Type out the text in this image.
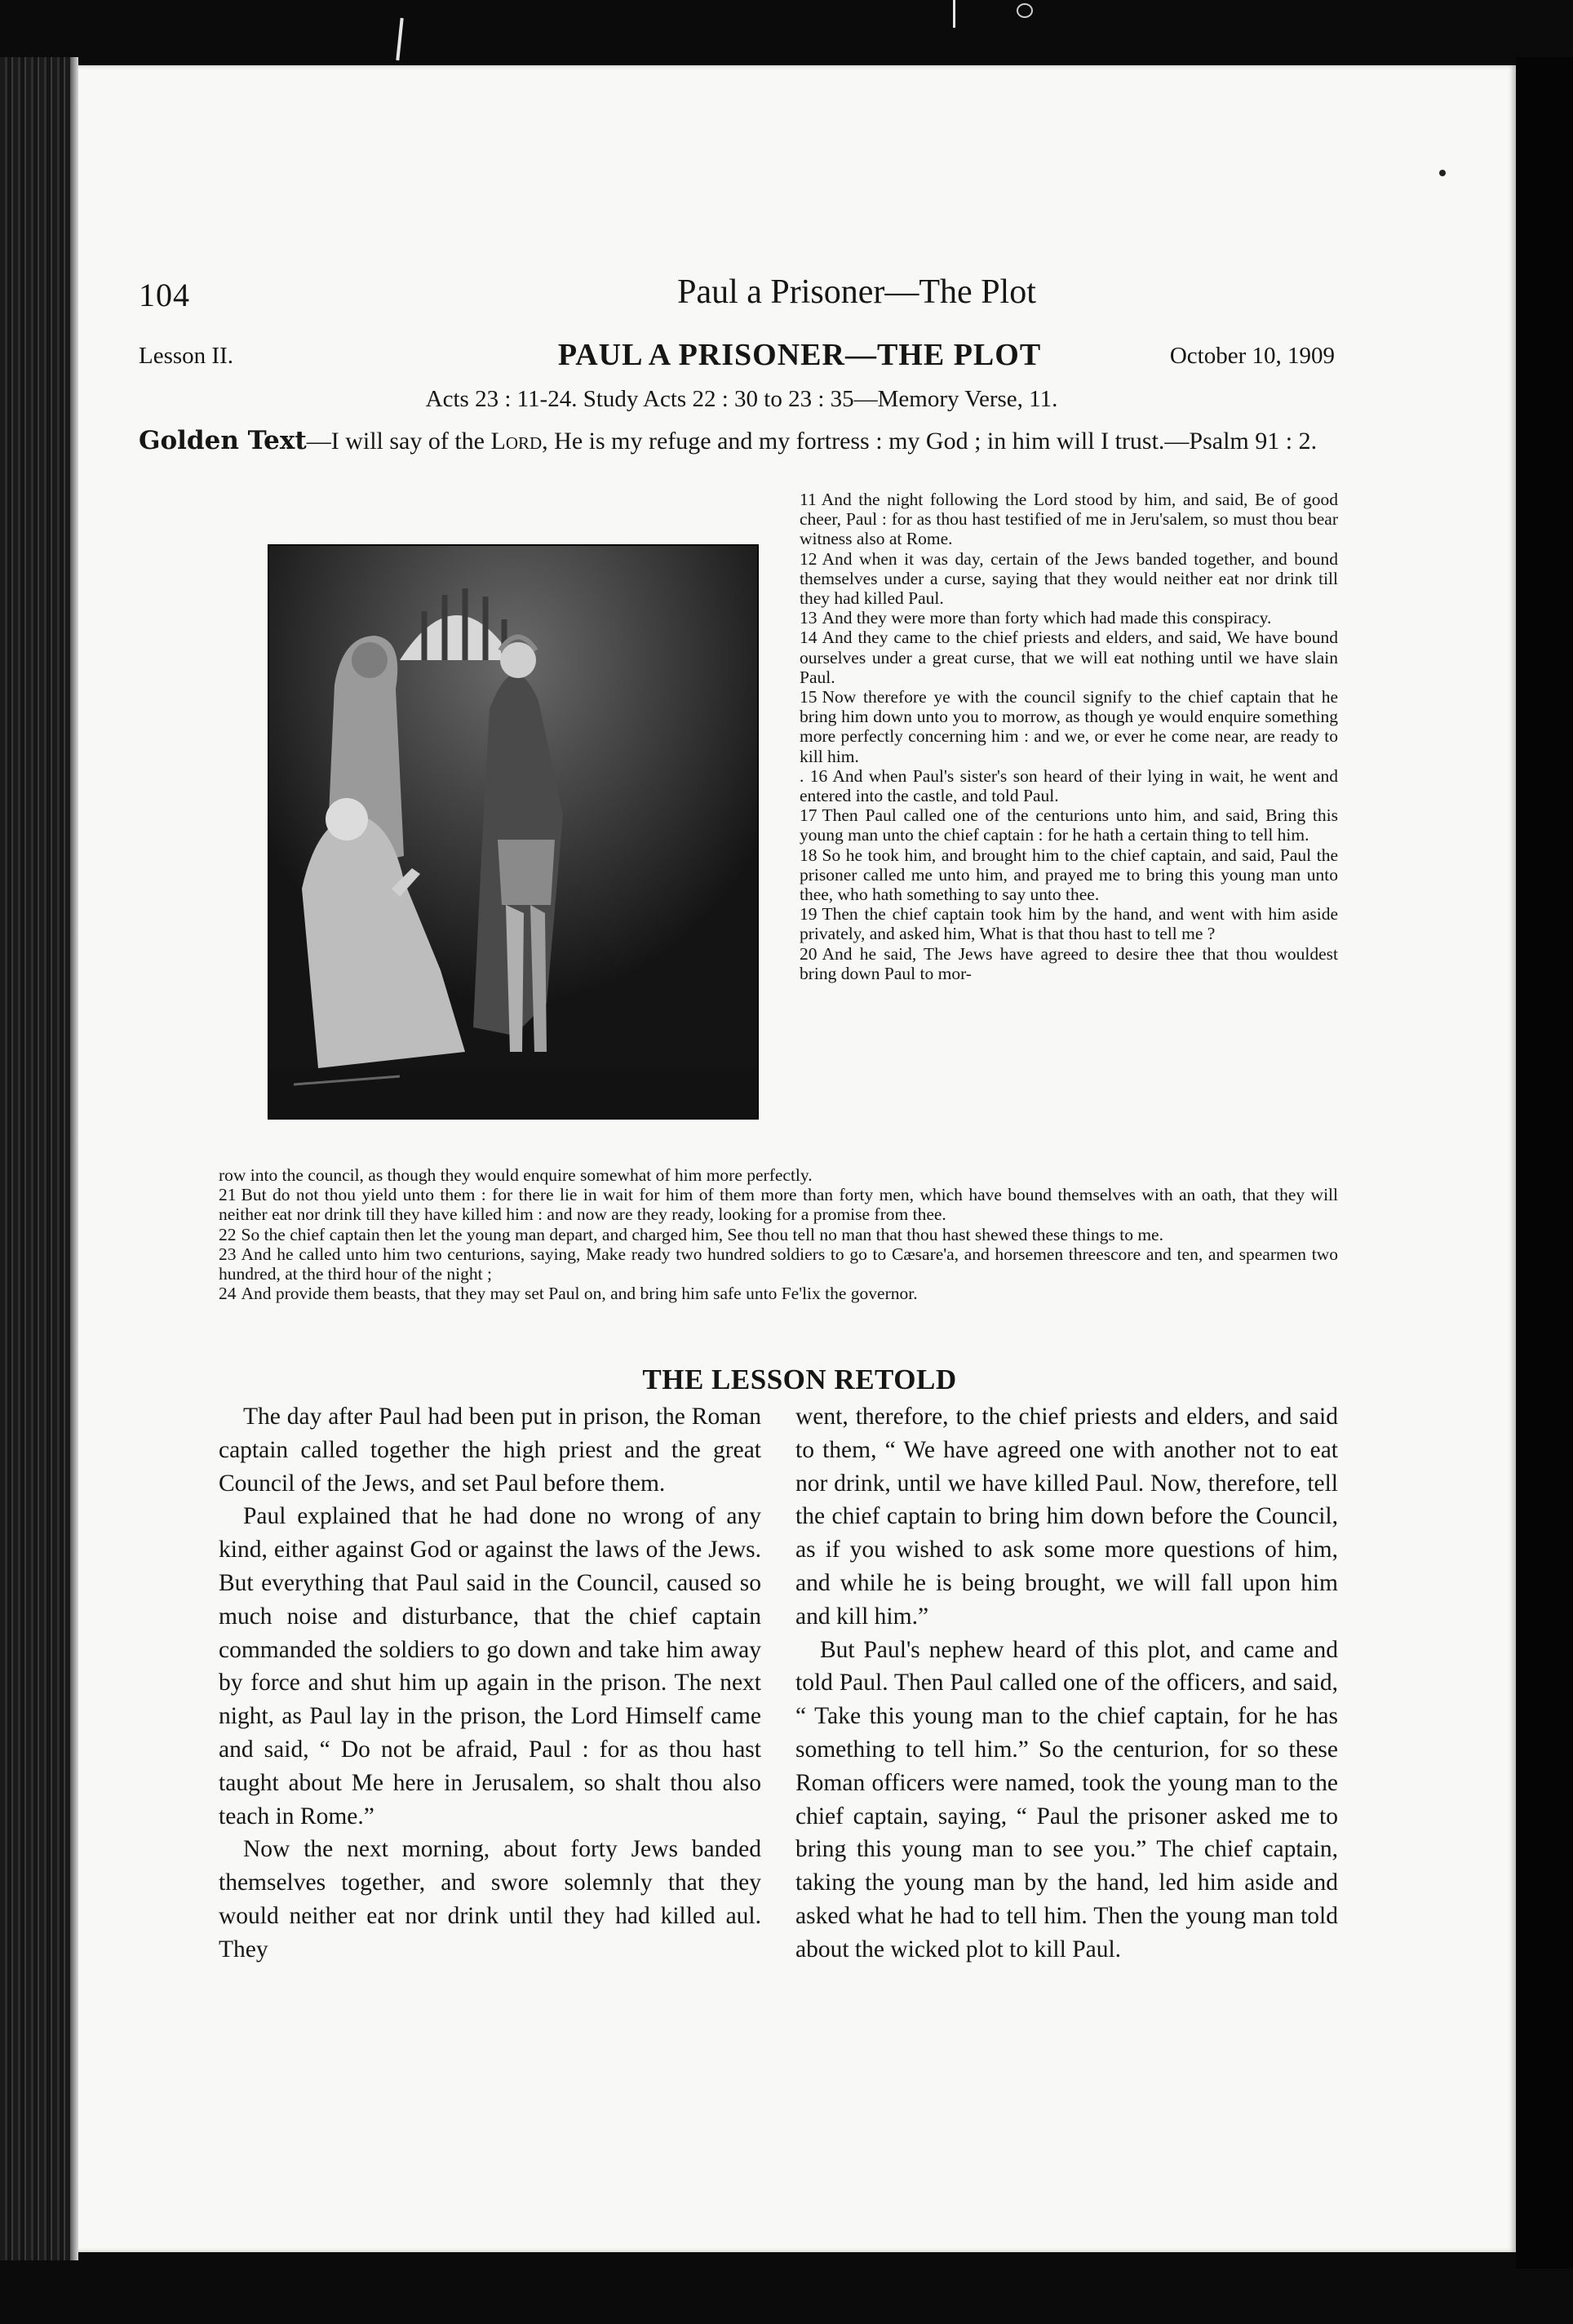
104	Paul a Prisoner—The Plot
Lesson II.	PAUL A PRISONER—THE PLOT	October 10, 1909
Acts 23 : 11-24. Study Acts 22 : 30 to 23 : 35—Memory Verse, 11.
Golden Text—I will say of the Lord, He is my refuge and my fortress : my God ; in him will I trust.—Psalm 91 : 2.

11 And the night following the Lord stood by him, and said, Be of good cheer, Paul : for as thou hast testified of me in Jeru'salem, so must thou bear witness also at Rome.

12 And when it was day, certain of the Jews banded together, and bound themselves under a curse, saying that they would neither eat nor drink till they had killed Paul.

13 And they were more than forty which had made this conspiracy.

14 And they came to the chief priests and elders, and said, We have bound ourselves under a great curse, that we will eat nothing until we have slain Paul.

15 Now therefore ye with the council signify to the chief captain that he bring him down unto you to morrow, as though ye would enquire something more perfectly concerning him : and we, or ever he come near, are ready to kill him.

. 16 And when Paul's sister's son heard of their lying in wait, he went and entered into the castle, and told Paul.

17 Then Paul called one of the centurions unto him, and said, Bring this young man unto the chief captain : for he hath a certain thing to tell him.

18 So he took him, and brought him to the chief captain, and said, Paul the prisoner called me unto him, and prayed me to bring this young man unto thee, who hath something to say unto thee.

19 Then the chief captain took him by the hand, and went with him aside privately, and asked him, What is that thou hast to tell me ?

20 And he said, The Jews have agreed to desire thee that thou wouldest bring down Paul to mor-

row into the council, as though they would enquire somewhat of him more perfectly.

21 But do not thou yield unto them : for there lie in wait for him of them more than forty men, which have bound themselves with an oath, that they will neither eat nor drink till they have killed him : and now are they ready, looking for a promise from thee.

22 So the chief captain then let the young man depart, and charged him, See thou tell no man that thou hast shewed these things to me.

23 And he called unto him two centurions, saying, Make ready two hundred soldiers to go to Cæsare'a, and horsemen threescore and ten, and spearmen two hundred, at the third hour of the night ;

24 And provide them beasts, that they may set Paul on, and bring him safe unto Fe'lix the governor.

THE LESSON RETOLD

The day after Paul had been put in prison, the Roman captain called together the high priest and the great Council of the Jews, and set Paul before them.

Paul explained that he had done no wrong of any kind, either against God or against the laws of the Jews. But everything that Paul said in the Council, caused so much noise and disturbance, that the chief captain commanded the soldiers to go down and take him away by force and shut him up again in the prison. The next night, as Paul lay in the prison, the Lord Himself came and said, “ Do not be afraid, Paul : for as thou hast taught about Me here in Jerusalem, so shalt thou also teach in Rome.”

Now the next morning, about forty Jews banded themselves together, and swore solemnly that they would neither eat nor drink until they had killed aul. They

went, therefore, to the chief priests and elders, and said to them, “ We have agreed one with another not to eat nor drink, until we have killed Paul. Now, therefore, tell the chief captain to bring him down before the Council, as if you wished to ask some more questions of him, and while he is being brought, we will fall upon him and kill him.”

But Paul's nephew heard of this plot, and came and told Paul. Then Paul called one of the officers, and said, “ Take this young man to the chief captain, for he has something to tell him.” So the centurion, for so these Roman officers were named, took the young man to the chief captain, saying, “ Paul the prisoner asked me to bring this young man to see you.” The chief captain, taking the young man by the hand, led him aside and asked what he had to tell him. Then the young man told about the wicked plot to kill Paul.
